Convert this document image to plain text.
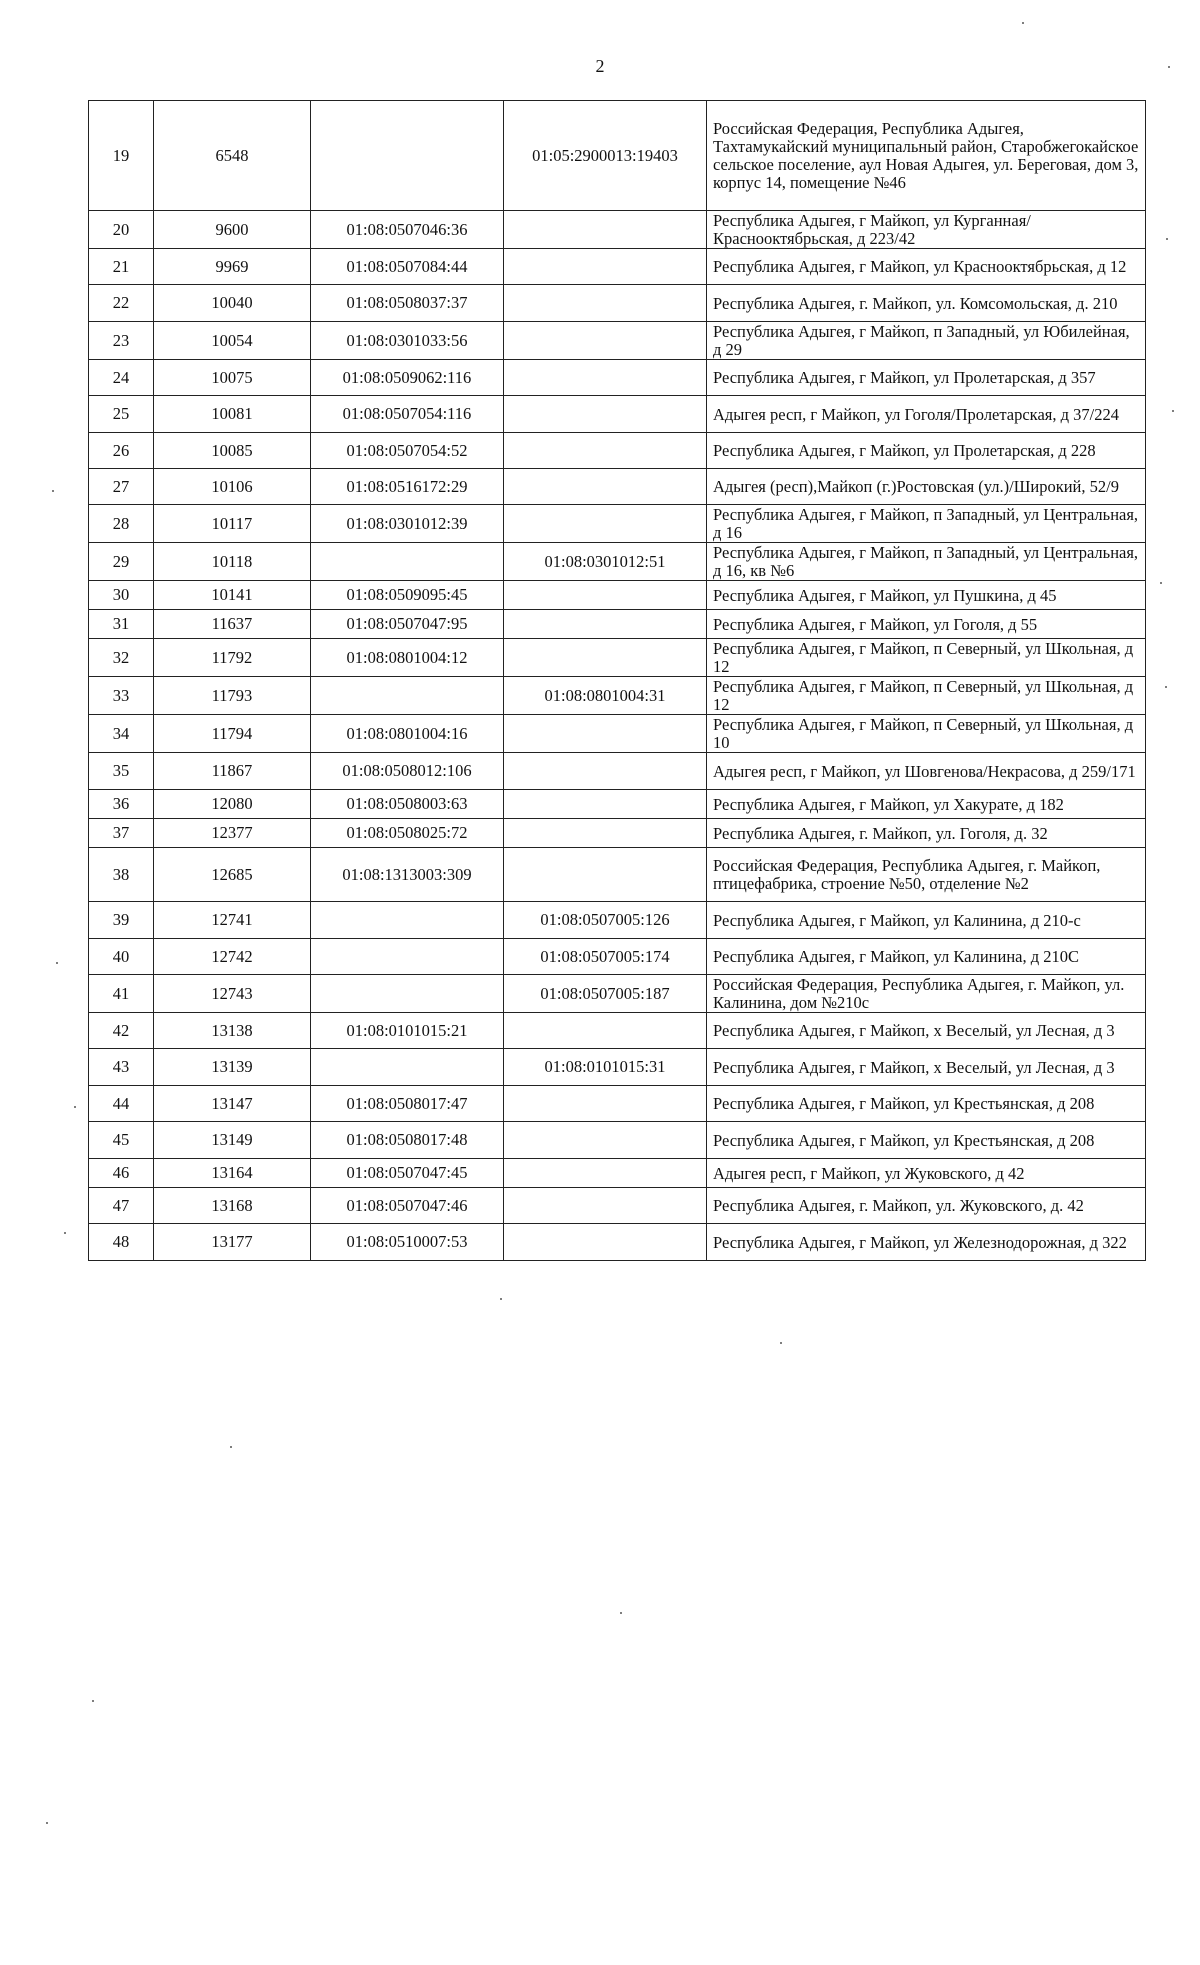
2
19	6548		01:05:2900013:19403	Российская Федерация, Республика Адыгея, Тахтамукайский муниципальный район, Старобжегокайское сельское поселение, аул Новая Адыгея, ул. Береговая, дом 3, корпус 14, помещение №46
20	9600	01:08:0507046:36		Республика Адыгея, г Майкоп, ул Курганная/Краснооктябрьская, д 223/42
21	9969	01:08:0507084:44		Республика Адыгея, г Майкоп, ул Краснооктябрьская, д 12
22	10040	01:08:0508037:37		Республика Адыгея, г. Майкоп, ул. Комсомольская, д. 210
23	10054	01:08:0301033:56		Республика Адыгея, г Майкоп, п Западный, ул Юбилейная, д 29
24	10075	01:08:0509062:116		Республика Адыгея, г Майкоп, ул Пролетарская, д 357
25	10081	01:08:0507054:116		Адыгея респ, г Майкоп, ул Гоголя/Пролетарская, д 37/224
26	10085	01:08:0507054:52		Республика Адыгея, г Майкоп, ул Пролетарская, д 228
27	10106	01:08:0516172:29		Адыгея (респ),Майкоп (г.)Ростовская (ул.)/Широкий, 52/9
28	10117	01:08:0301012:39		Республика Адыгея, г Майкоп, п Западный, ул Центральная, д 16
29	10118		01:08:0301012:51	Республика Адыгея, г Майкоп, п Западный, ул Центральная, д 16, кв №6
30	10141	01:08:0509095:45		Республика Адыгея, г Майкоп, ул Пушкина, д 45
31	11637	01:08:0507047:95		Республика Адыгея, г Майкоп, ул Гоголя, д 55
32	11792	01:08:0801004:12		Республика Адыгея, г Майкоп, п Северный, ул Школьная, д 12
33	11793		01:08:0801004:31	Республика Адыгея, г Майкоп, п Северный, ул Школьная, д 12
34	11794	01:08:0801004:16		Республика Адыгея, г Майкоп, п Северный, ул Школьная, д 10
35	11867	01:08:0508012:106		Адыгея респ, г Майкоп, ул Шовгенова/Некрасова, д 259/171
36	12080	01:08:0508003:63		Республика Адыгея, г Майкоп, ул Хакурате, д 182
37	12377	01:08:0508025:72		Республика Адыгея, г. Майкоп, ул. Гоголя, д. 32
38	12685	01:08:1313003:309		Российская Федерация, Республика Адыгея, г. Майкоп, птицефабрика, строение №50, отделение №2
39	12741		01:08:0507005:126	Республика Адыгея, г Майкоп, ул Калинина, д 210-с
40	12742		01:08:0507005:174	Республика Адыгея, г Майкоп, ул Калинина, д 210С
41	12743		01:08:0507005:187	Российская Федерация, Республика Адыгея, г. Майкоп, ул. Калинина, дом №210с
42	13138	01:08:0101015:21		Республика Адыгея, г Майкоп, х Веселый, ул Лесная, д 3
43	13139		01:08:0101015:31	Республика Адыгея, г Майкоп, х Веселый, ул Лесная, д 3
44	13147	01:08:0508017:47		Республика Адыгея, г Майкоп, ул Крестьянская, д 208
45	13149	01:08:0508017:48		Республика Адыгея, г Майкоп, ул Крестьянская, д 208
46	13164	01:08:0507047:45		Адыгея респ, г Майкоп, ул Жуковского, д 42
47	13168	01:08:0507047:46		Республика Адыгея, г. Майкоп, ул. Жуковского, д. 42
48	13177	01:08:0510007:53		Республика Адыгея, г Майкоп, ул Железнодорожная, д 322
